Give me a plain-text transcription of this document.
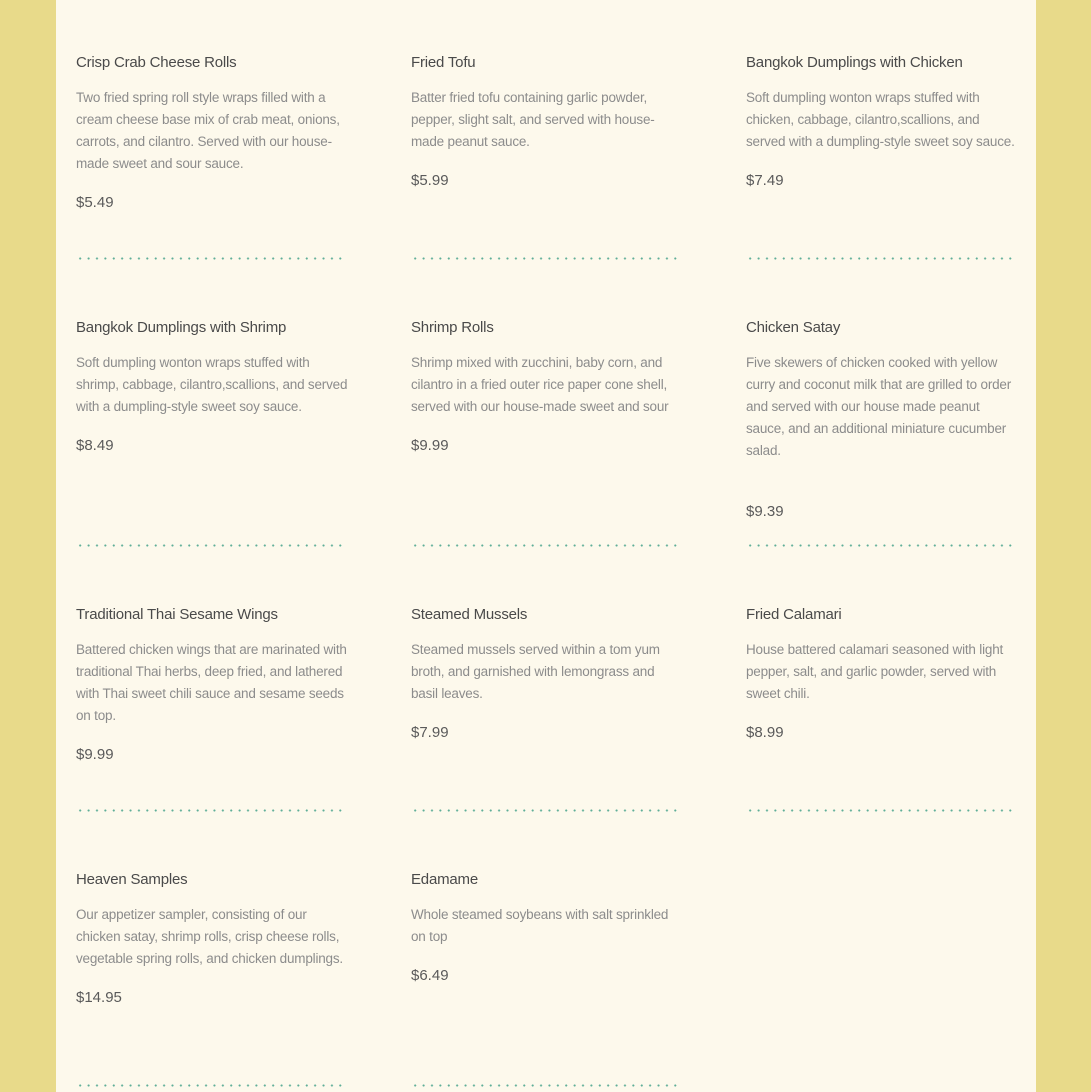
Crisp Crab Cheese Rolls
Two fried spring roll style wraps filled with a cream cheese base mix of crab meat, onions, carrots, and cilantro. Served with our house-made sweet and sour sauce.
$5.49
Fried Tofu
Batter fried tofu containing garlic powder, pepper, slight salt, and served with house-made peanut sauce.
$5.99
Bangkok Dumplings with Chicken
Soft dumpling wonton wraps stuffed with chicken, cabbage, cilantro,scallions, and served with a dumpling-style sweet soy sauce.
$7.49
Bangkok Dumplings with Shrimp
Soft dumpling wonton wraps stuffed with shrimp, cabbage, cilantro,scallions, and served with a dumpling-style sweet soy sauce.
$8.49
Shrimp Rolls
Shrimp mixed with zucchini, baby corn, and cilantro in a fried outer rice paper cone shell, served with our house-made sweet and sour
$9.99
Chicken Satay
Five skewers of chicken cooked with yellow curry and coconut milk that are grilled to order and served with our house made peanut sauce, and an additional miniature cucumber salad.
$9.39
Traditional Thai Sesame Wings
Battered chicken wings that are marinated with traditional Thai herbs, deep fried, and lathered with Thai sweet chili sauce and sesame seeds on top.
$9.99
Steamed Mussels
Steamed mussels served within a tom yum broth, and garnished with lemongrass and basil leaves.
$7.99
Fried Calamari
House battered calamari seasoned with light pepper, salt, and garlic powder, served with sweet chili.
$8.99
Heaven Samples
Our appetizer sampler, consisting of our chicken satay, shrimp rolls, crisp cheese rolls, vegetable spring rolls, and chicken dumplings.
$14.95
Edamame
Whole steamed soybeans with salt sprinkled on top
$6.49
